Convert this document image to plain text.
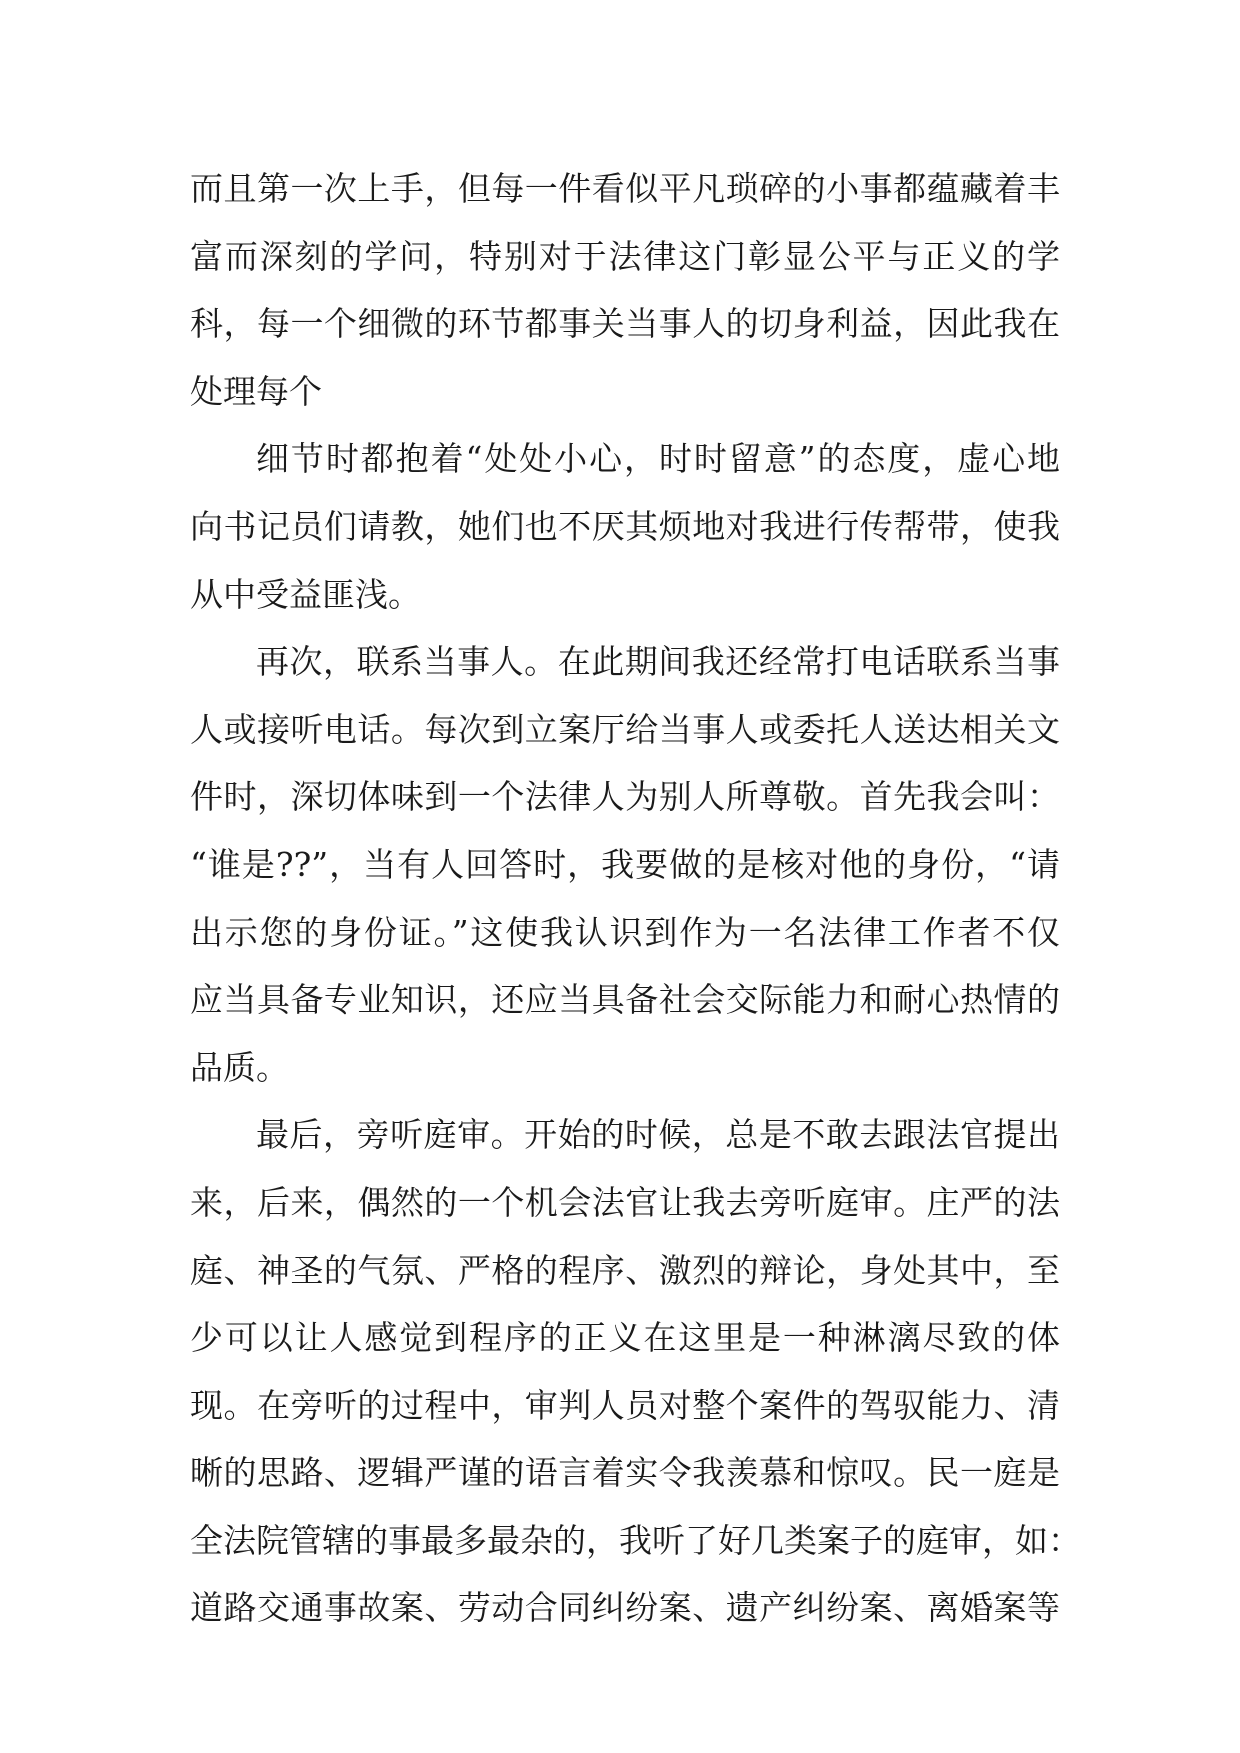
而且第一次上手，但每一件看似平凡琐碎的小事都蕴藏着丰
富而深刻的学问，特别对于法律这门彰显公平与正义的学
科，每一个细微的环节都事关当事人的切身利益，因此我在
处理每个
细节时都抱着“处处小心，时时留意”的态度，虚心地
向书记员们请教，她们也不厌其烦地对我进行传帮带，使我
从中受益匪浅。
再次，联系当事人。在此期间我还经常打电话联系当事
人或接听电话。每次到立案厅给当事人或委托人送达相关文
件时，深切体味到一个法律人为别人所尊敬。首先我会叫：
“谁是??”，当有人回答时，我要做的是核对他的身份，“请
出示您的身份证。”这使我认识到作为一名法律工作者不仅
应当具备专业知识，还应当具备社会交际能力和耐心热情的
品质。
最后，旁听庭审。开始的时候，总是不敢去跟法官提出
来，后来，偶然的一个机会法官让我去旁听庭审。庄严的法
庭、神圣的气氛、严格的程序、激烈的辩论，身处其中，至
少可以让人感觉到程序的正义在这里是一种淋漓尽致的体
现。在旁听的过程中，审判人员对整个案件的驾驭能力、清
晰的思路、逻辑严谨的语言着实令我羡慕和惊叹。民一庭是
全法院管辖的事最多最杂的，我听了好几类案子的庭审，如：
道路交通事故案、劳动合同纠纷案、遗产纠纷案、离婚案等
